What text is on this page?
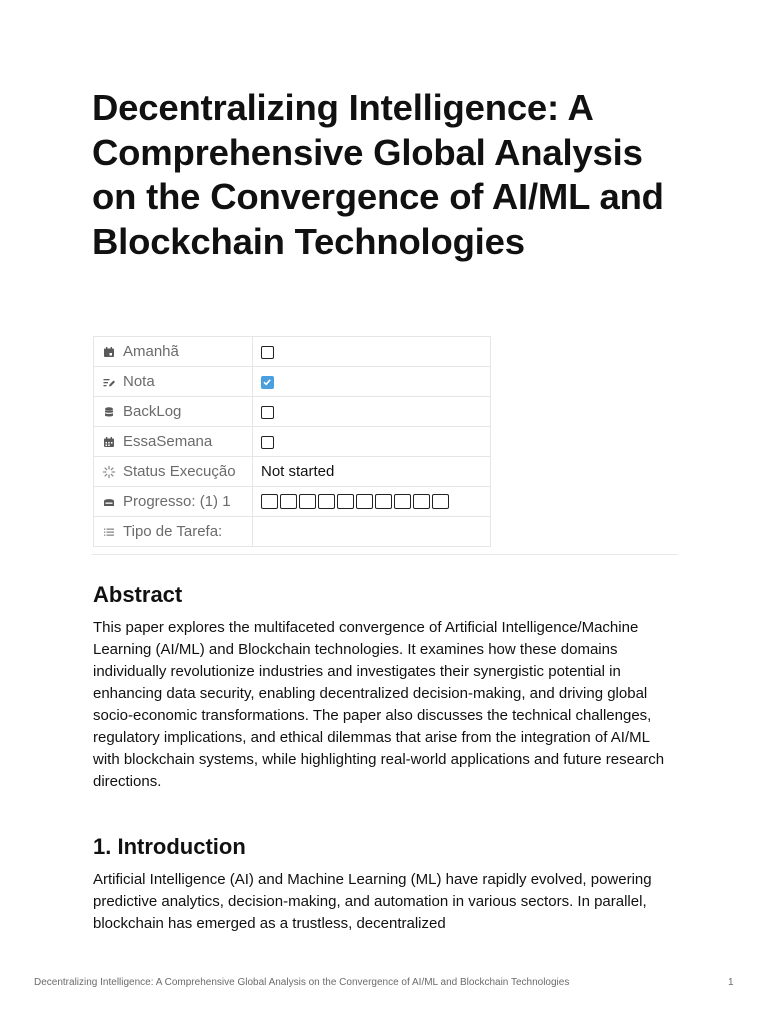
Decentralizing Intelligence: A Comprehensive Global Analysis on the Convergence of AI/ML and Blockchain Technologies
Amanhã	

Nota

BackLog	

EssaSemana	

Status Execução	Not started

Progresso: (1) 1	

Tipo de Tarefa:	

Abstract

This paper explores the multifaceted convergence of Artificial Intelligence/Machine Learning (AI/ML) and Blockchain technologies. It examines how these domains individually revolutionize industries and investigates their synergistic potential in enhancing data security, enabling decentralized decision-making, and driving global socio-economic transformations. The paper also discusses the technical challenges, regulatory implications, and ethical dilemmas that arise from the integration of AI/ML with blockchain systems, while highlighting real-world applications and future research directions.

1. Introduction

Artificial Intelligence (AI) and Machine Learning (ML) have rapidly evolved, powering predictive analytics, decision-making, and automation in various sectors. In parallel, blockchain has emerged as a trustless, decentralized

Decentralizing Intelligence: A Comprehensive Global Analysis on the Convergence of AI/ML and Blockchain Technologies	1
